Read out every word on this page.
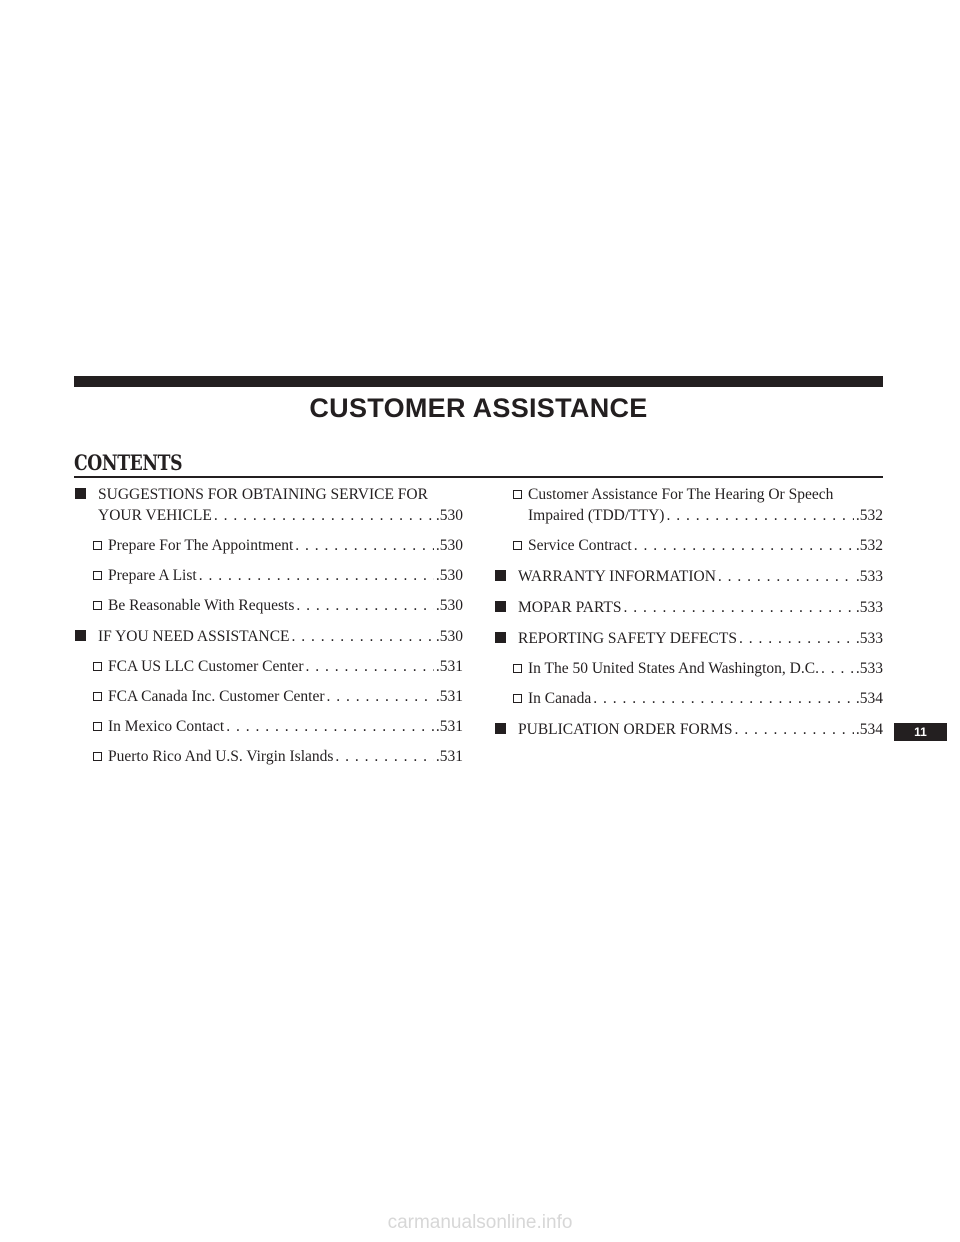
CUSTOMER ASSISTANCE
CONTENTS
SUGGESTIONS FOR OBTAINING SERVICE FOR
YOUR VEHICLE . . .	.530
Prepare For The Appointment . . .	.530
Prepare A List . . .	.530
Be Reasonable With Requests . . .	.530
IF YOU NEED ASSISTANCE . . .	.530
FCA US LLC Customer Center . . .	.531
FCA Canada Inc. Customer Center . . .	.531
In Mexico Contact . . .	.531
Puerto Rico And U.S. Virgin Islands . . .	.531
Customer Assistance For The Hearing Or Speech
Impaired (TDD/TTY) . . .	.532
Service Contract . . .	.532
WARRANTY INFORMATION . . .	.533
MOPAR PARTS . . .	.533
REPORTING SAFETY DEFECTS . . .	.533
In The 50 United States And Washington, D.C. . . . .533
In Canada . . .	.534
PUBLICATION ORDER FORMS . . .	.534	11
carmanualsonline.info
